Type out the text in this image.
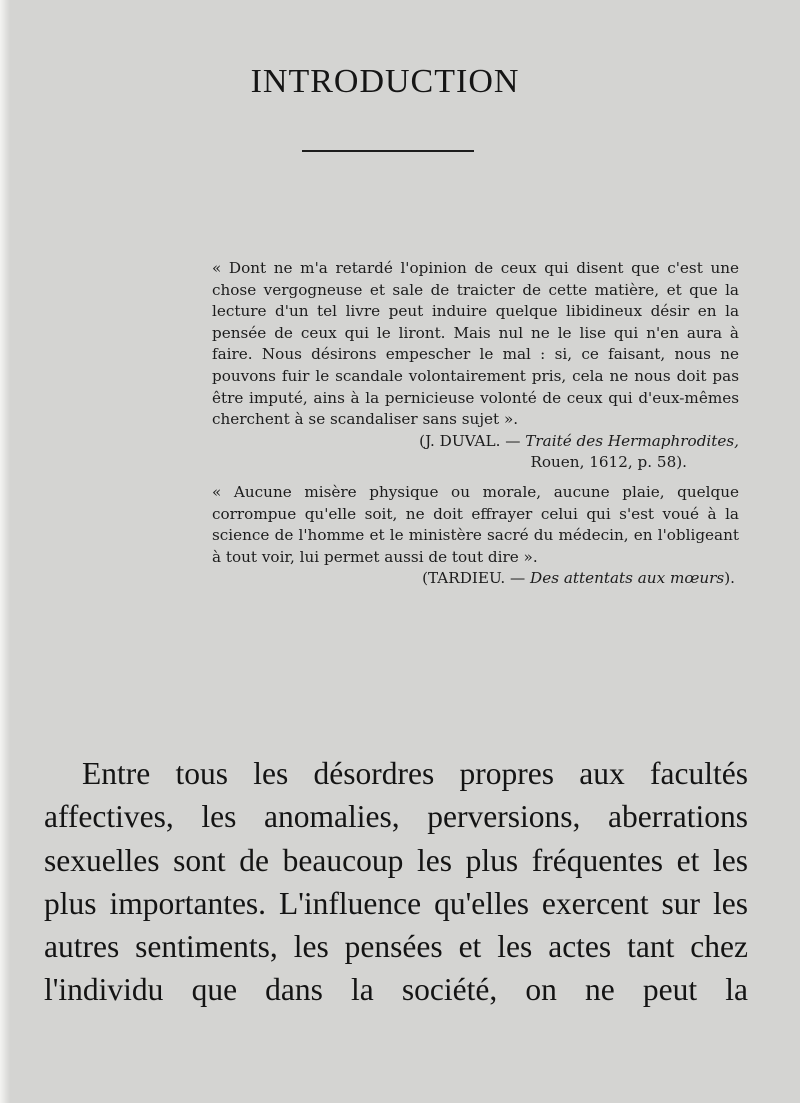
INTRODUCTION

« Dont ne m'a retardé l'opinion de ceux qui disent que c'est une chose vergogneuse et sale de traicter de cette matière, et que la lecture d'un tel livre peut induire quelque libidineux désir en la pensée de ceux qui le liront. Mais nul ne le lise qui n'en aura à faire. Nous désirons empescher le mal : si, ce faisant, nous ne pouvons fuir le scandale volontairement pris, cela ne nous doit pas être imputé, ains à la pernicieuse volonté de ceux qui d'eux-mêmes cherchent à se scandaliser sans sujet ».

(J. DUVAL. — Traité des Hermaphrodites,
Rouen, 1612, p. 58).

« Aucune misère physique ou morale, aucune plaie, quelque corrompue qu'elle soit, ne doit effrayer celui qui s'est voué à la science de l'homme et le ministère sacré du médecin, en l'obligeant à tout voir, lui permet aussi de tout dire ».

(TARDIEU. — Des attentats aux mœurs).

Entre tous les désordres propres aux facultés affectives, les anomalies, perversions, aberrations sexuelles sont de beaucoup les plus fréquentes et les plus importantes. L'influence qu'elles exercent sur les autres sentiments, les pensées et les actes tant chez l'individu que dans la société, on ne peut la
